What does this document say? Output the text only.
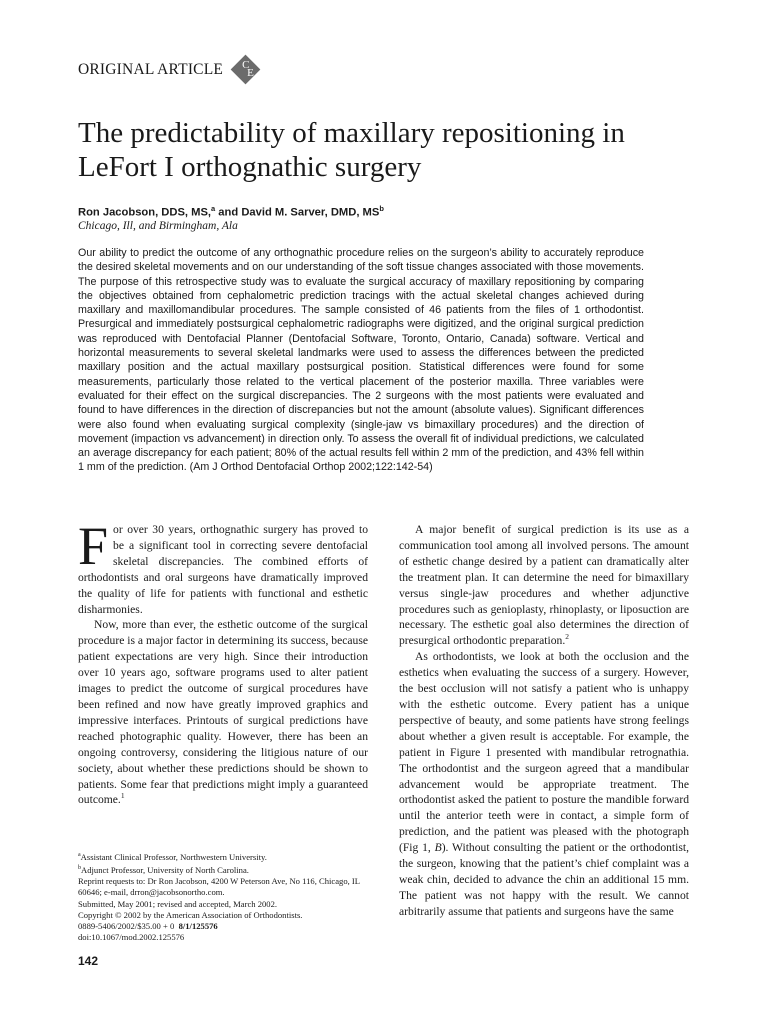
ORIGINAL ARTICLE C
E
The predictability of maxillary repositioning in LeFort I orthognathic surgery
Ron Jacobson, DDS, MS,$^a$ and David M. Sarver, DMD, $MS^b$
Chicago, Ill, and Birmingham, Ala

Our ability to predict the outcome of any orthognathic procedure relies on the surgeon’s ability to accurately reproduce the desired skeletal movements and on our understanding of the soft tissue changes associated with those movements. The purpose of this retrospective study was to evaluate the surgical accuracy of maxillary repositioning by comparing the objectives obtained from cephalometric prediction tracings with the actual skeletal changes achieved during maxillary and maxillomandibular procedures. The sample consisted of 46 patients from the files of 1 orthodontist. Presurgical and immediately postsurgical cephalometric radiographs were digitized, and the original surgical prediction was reproduced with Dentofacial Planner (Dentofacial Software, Toronto, Ontario, Canada) software. Vertical and horizontal measurements to several skeletal landmarks were used to assess the differences between the predicted maxillary position and the actual maxillary postsurgical position. Statistical differences were found for some measurements, particularly those related to the vertical placement of the posterior maxilla. Three variables were evaluated for their effect on the surgical discrepancies. The 2 surgeons with the most patients were evaluated and found to have differences in the direction of discrepancies but not the amount (absolute values). Significant differences were also found when evaluating surgical complexity (single-jaw vs bimaxillary procedures) and the direction of movement (impaction vs advancement) in direction only. To assess the overall fit of individual predictions, we calculated an average discrepancy for each patient; 80% of the actual results fell within 2 mm of the prediction, and 43% fell within 1 mm of the prediction. (Am J Orthod Dentofacial Orthop 2002;122:142-54)

For over 30 years, orthognathic surgery has proved to be a significant tool in correcting severe dentofacial skeletal discrepancies. The combined efforts of orthodontists and oral surgeons have dramatically improved the quality of life for patients with functional and esthetic disharmonies.

Now, more than ever, the esthetic outcome of the surgical procedure is a major factor in determining its success, because patient expectations are very high. Since their introduction over 10 years ago, software programs used to alter patient images to predict the outcome of surgical procedures have been refined and now have greatly improved graphics and impressive interfaces. Printouts of surgical predictions have reached photographic quality. However, there has been an ongoing controversy, considering the litigious nature of our society, about whether these predictions should be shown to patients. Some fear that predictions might imply a guaranteed outcome.$^1$

A major benefit of surgical prediction is its use as a communication tool among all involved persons. The amount of esthetic change desired by a patient can dramatically alter the treatment plan. It can determine the need for bimaxillary versus single-jaw procedures and whether adjunctive procedures such as genioplasty, rhinoplasty, or liposuction are necessary. The esthetic goal also determines the direction of presurgical orthodontic preparation.$^2$

As orthodontists, we look at both the occlusion and the esthetics when evaluating the success of a surgery. However, the best occlusion will not satisfy a patient who is unhappy with the esthetic outcome. Every patient has a unique perspective of beauty, and some patients have strong feelings about whether a given result is acceptable. For example, the patient in Figure 1 presented with mandibular retrognathia. The orthodontist and the surgeon agreed that a mandibular advancement would be appropriate treatment. The orthodontist asked the patient to posture the mandible forward until the anterior teeth were in contact, a simple form of prediction, and the patient was pleased with the photograph (Fig 1, B). Without consulting the patient or the orthodontist, the surgeon, knowing that the patient’s chief complaint was a weak chin, decided to advance the chin an additional 15 mm. The patient was not happy with the result. We cannot arbitrarily assume that patients and surgeons have the same

$^a$Assistant Clinical Professor, Northwestern University.
$^b$Adjunct Professor, University of North Carolina.
Reprint requests to: Dr Ron Jacobson, 4200 W Peterson Ave, No 116, Chicago, IL
60646; e-mail, drron@jacobsonortho.com.
Submitted, May 2001; revised and accepted, March 2002.
Copyright © 2002 by the American Association of Orthodontists.
0889-5406/2002/$35.00 + 0 8/1/125576
doi:10.1067/mod.2002.125576
142
